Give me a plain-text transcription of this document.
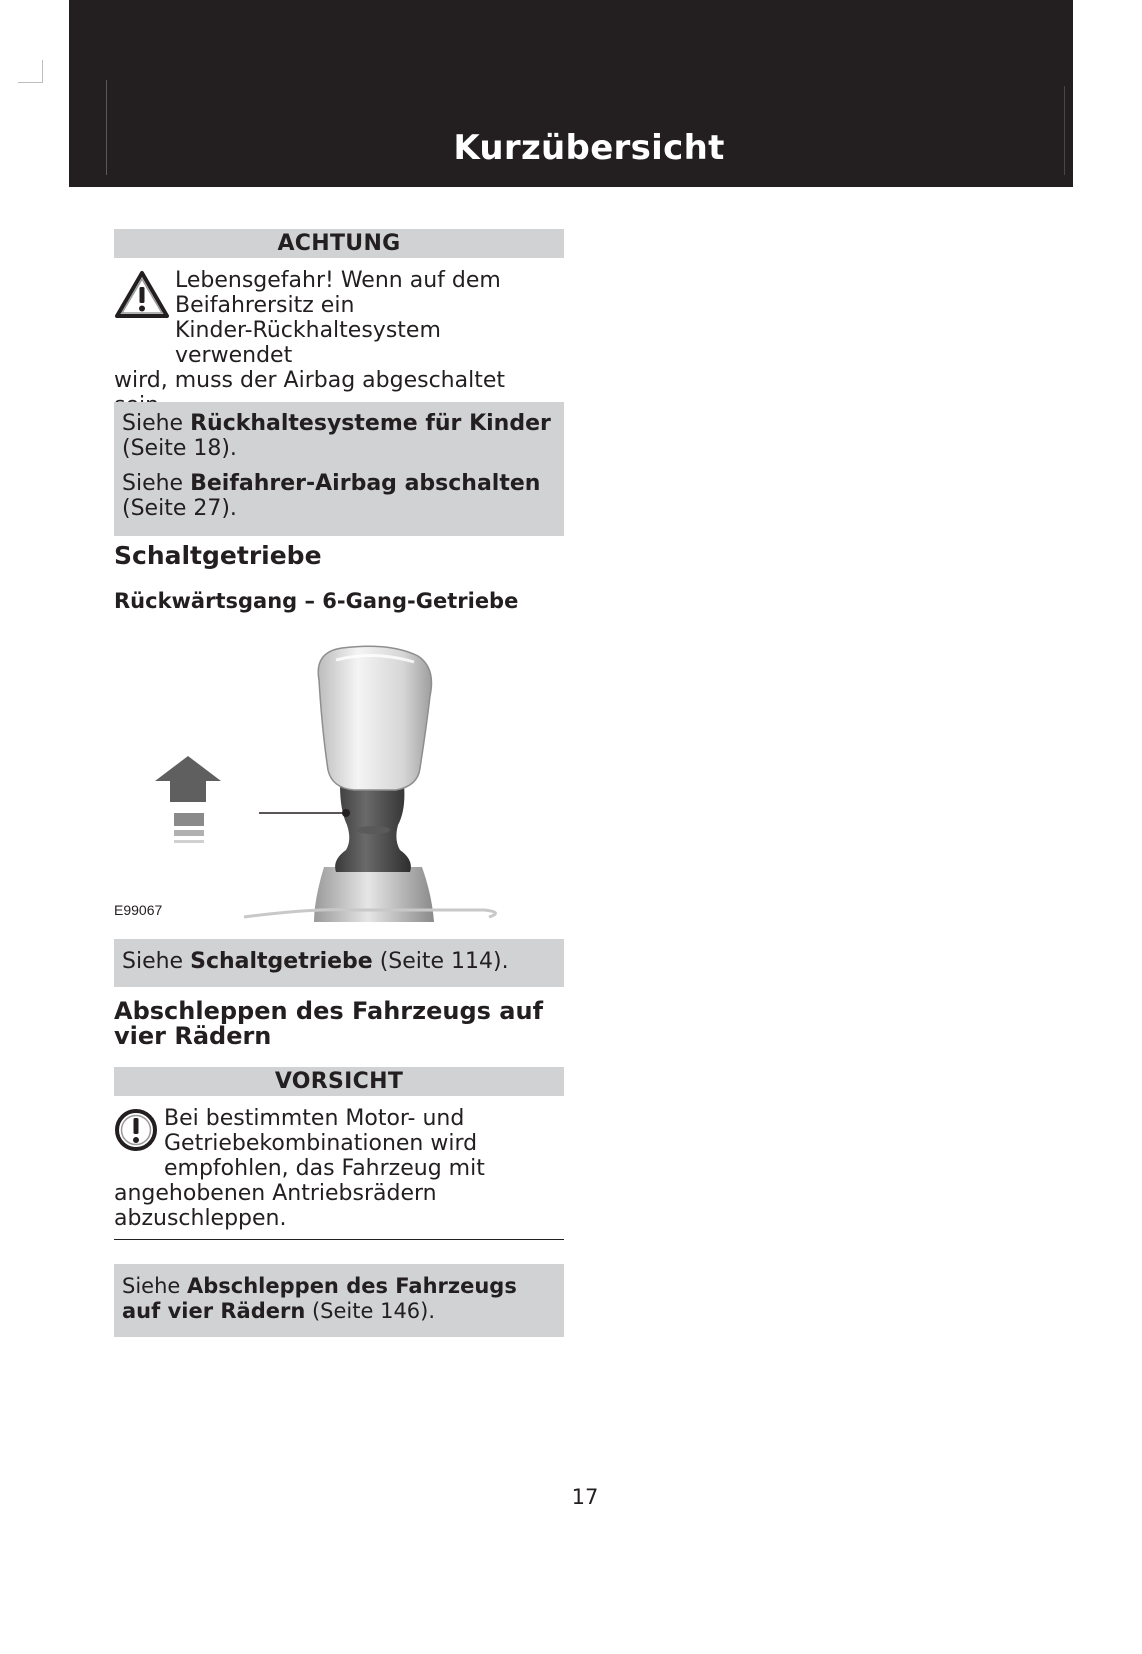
Kurzübersicht
ACHTUNG
Lebensgefahr! Wenn auf dem
Beifahrersitz ein
Kinder-Rückhaltesystem verwendet
wird, muss der Airbag abgeschaltet

Siehe Rückhaltesysteme für Kinder
(Seite 18).

Siehe Beifahrer-Airbag abschalten
(Seite 27).

Schaltgetriebe
Rückwärtsgang – 6-Gang-Getriebe
E99067

Siehe Schaltgetriebe (Seite 114).

Abschleppen des Fahrzeugs auf vier Rädern
VORSICHT
Bei bestimmten Motor- und
Getriebekombinationen wird
empfohlen, das Fahrzeug mit
angehobenen Antriebsrädern
abzuschleppen.

Siehe Abschleppen des Fahrzeugs auf vier Rädern (Seite 146).

17
